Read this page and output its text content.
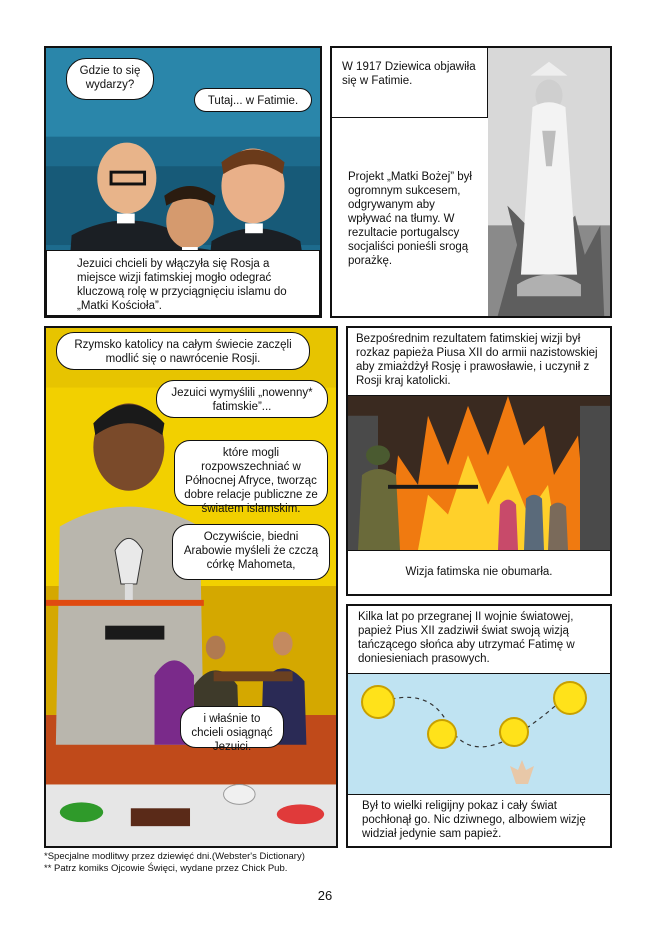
Gdzie to się wydarzy?
Tutaj... w Fatimie.
Jezuici chcieli by włączyła się Rosja a miejsce wizji fatimskiej mogło odegrać kluczową rolę w przyciągnięciu islamu do „Matki Kościoła”.
W 1917 Dziewica objawiła się w Fatimie.
Projekt „Matki Bożej” był ogromnym sukcesem, odgrywanym aby wpływać na tłumy. W rezultacie portugalscy socjaliści ponieśli srogą porażkę.
Rzymsko katolicy na całym świecie zaczęli modlić się o nawrócenie Rosji.
Jezuici wymyślili „nowenny* fatimskie”...
które mogli rozpowszechniać w Północnej Afryce, tworząc dobre relacje publiczne ze światem islamskim.
Oczywiście, biedni Arabowie myśleli że czczą córkę Mahometa,
i właśnie to chcieli osiągnąć Jezuici.
Bezpośrednim rezultatem fatimskiej wizji był rozkaz papieża Piusa XII do armii nazistowskiej aby zmiażdżył Rosję i prawosławie, i uczynił z Rosji kraj katolicki.
Wizja fatimska nie obumarła.
Kilka lat po przegranej II wojnie światowej, papież Pius XII zadziwił świat swoją wizją tańczącego słońca aby utrzymać Fatimę w doniesieniach prasowych.
Był to wielki religijny pokaz i cały świat pochłonął go. Nic dziwnego, albowiem wizję widział jedynie sam papież.
*Specjalne modlitwy przez dziewięć dni.(Webster's Dictionary)
** Patrz komiks Ojcowie Święci, wydane przez Chick Pub.
26
